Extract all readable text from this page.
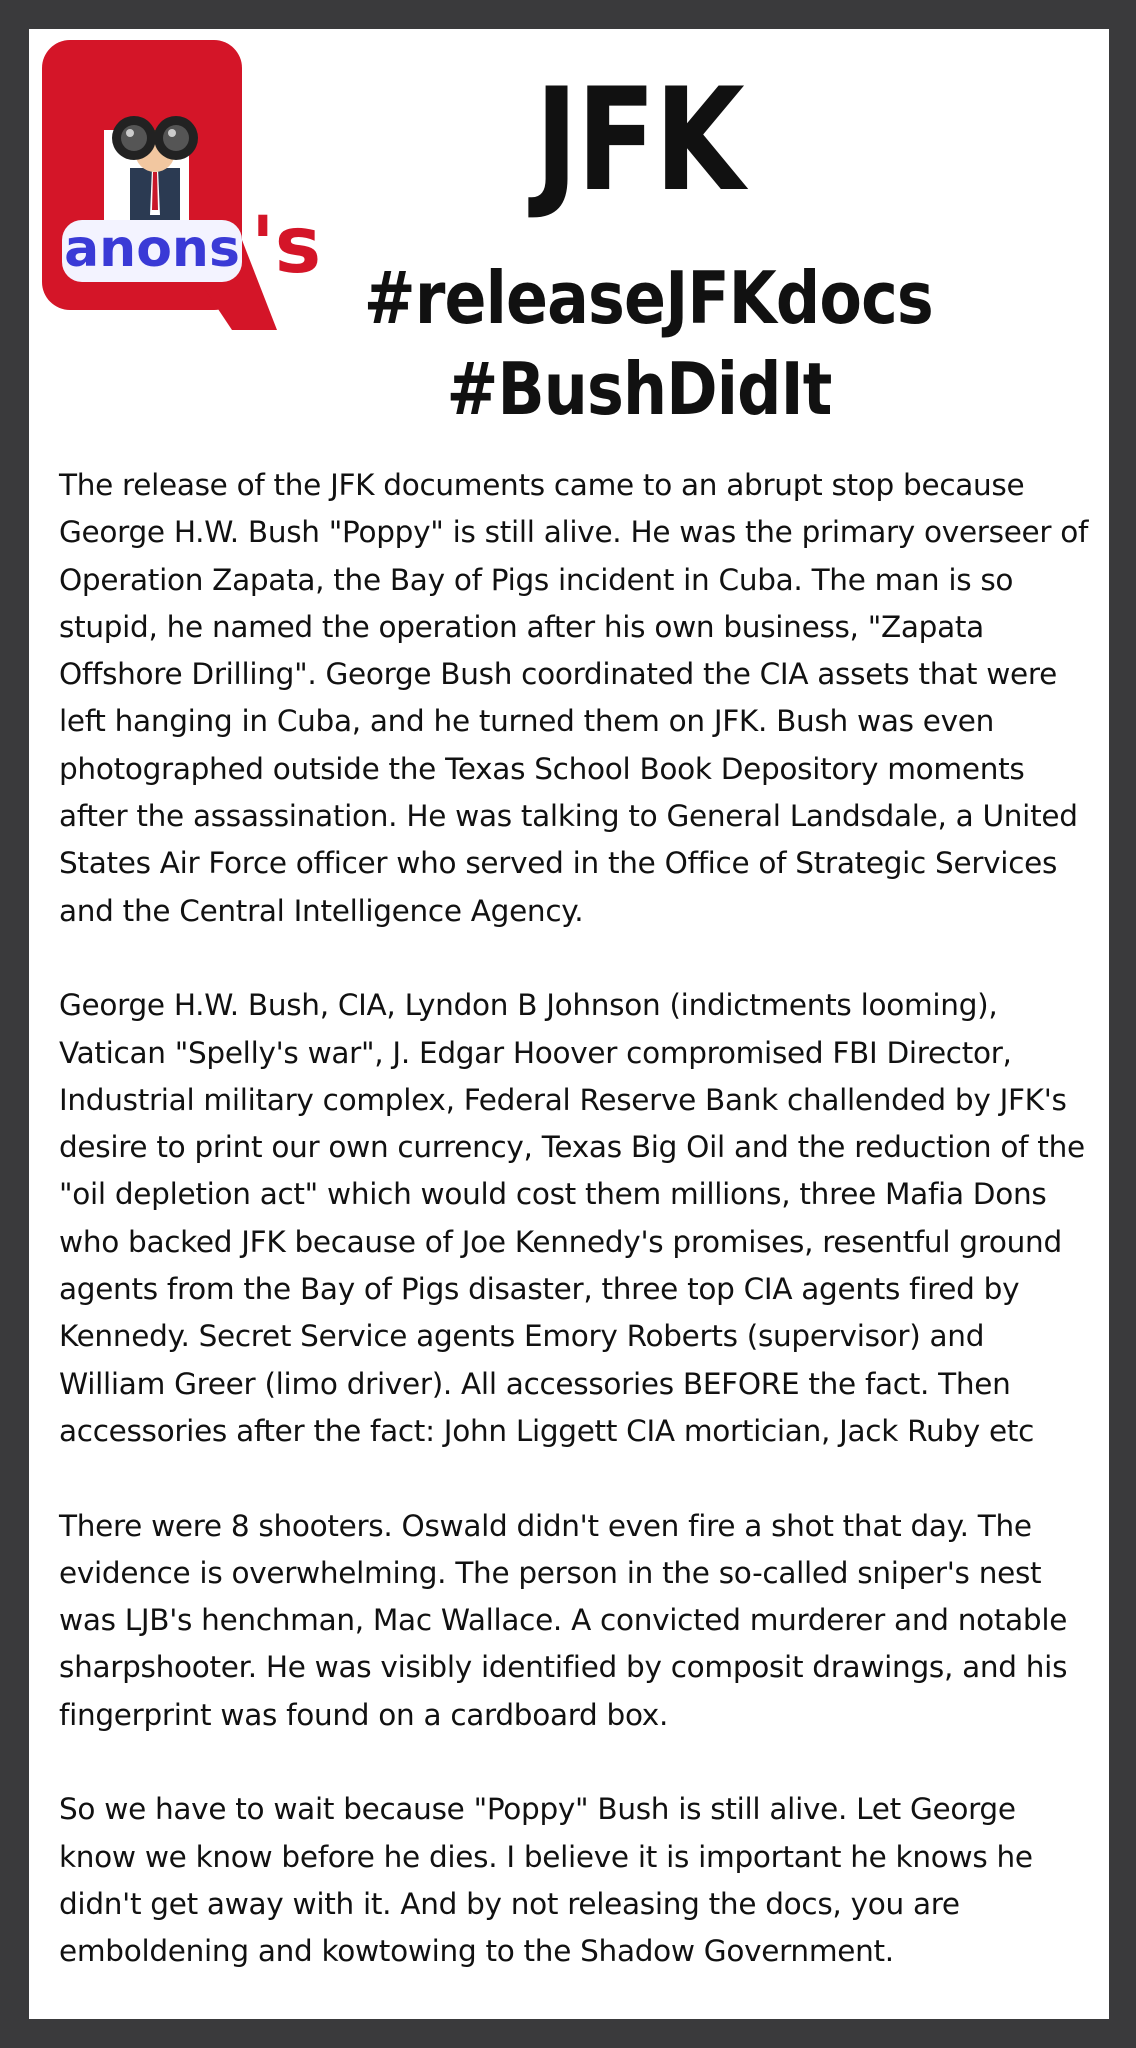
anons 's
JFK
#releaseJFKdocs
#BushDidIt

The release of the JFK documents came to an abrupt stop because George H.W. Bush "Poppy" is still alive. He was the primary overseer of Operation Zapata, the Bay of Pigs incident in Cuba. The man is so stupid, he named the operation after his own business, "Zapata Offshore Drilling". George Bush coordinated the CIA assets that were left hanging in Cuba, and he turned them on JFK. Bush was even photographed outside the Texas School Book Depository moments after the assassination. He was talking to General Landsdale, a United States Air Force officer who served in the Office of Strategic Services and the Central Intelligence Agency.

George H.W. Bush, CIA, Lyndon B Johnson (indictments looming), Vatican "Spelly's war", J. Edgar Hoover compromised FBI Director, Industrial military complex, Federal Reserve Bank challended by JFK's desire to print our own currency, Texas Big Oil and the reduction of the "oil depletion act" which would cost them millions, three Mafia Dons who backed JFK because of Joe Kennedy's promises, resentful ground agents from the Bay of Pigs disaster, three top CIA agents fired by Kennedy. Secret Service agents Emory Roberts (supervisor) and William Greer (limo driver). All accessories BEFORE the fact. Then accessories after the fact: John Liggett CIA mortician, Jack Ruby etc

There were 8 shooters. Oswald didn't even fire a shot that day. The evidence is overwhelming. The person in the so-called sniper's nest was LJB's henchman, Mac Wallace. A convicted murderer and notable sharpshooter. He was visibly identified by composit drawings, and his fingerprint was found on a cardboard box.

So we have to wait because "Poppy" Bush is still alive. Let George know we know before he dies. I believe it is important he knows he didn't get away with it. And by not releasing the docs, you are emboldening and kowtowing to the Shadow Government.
